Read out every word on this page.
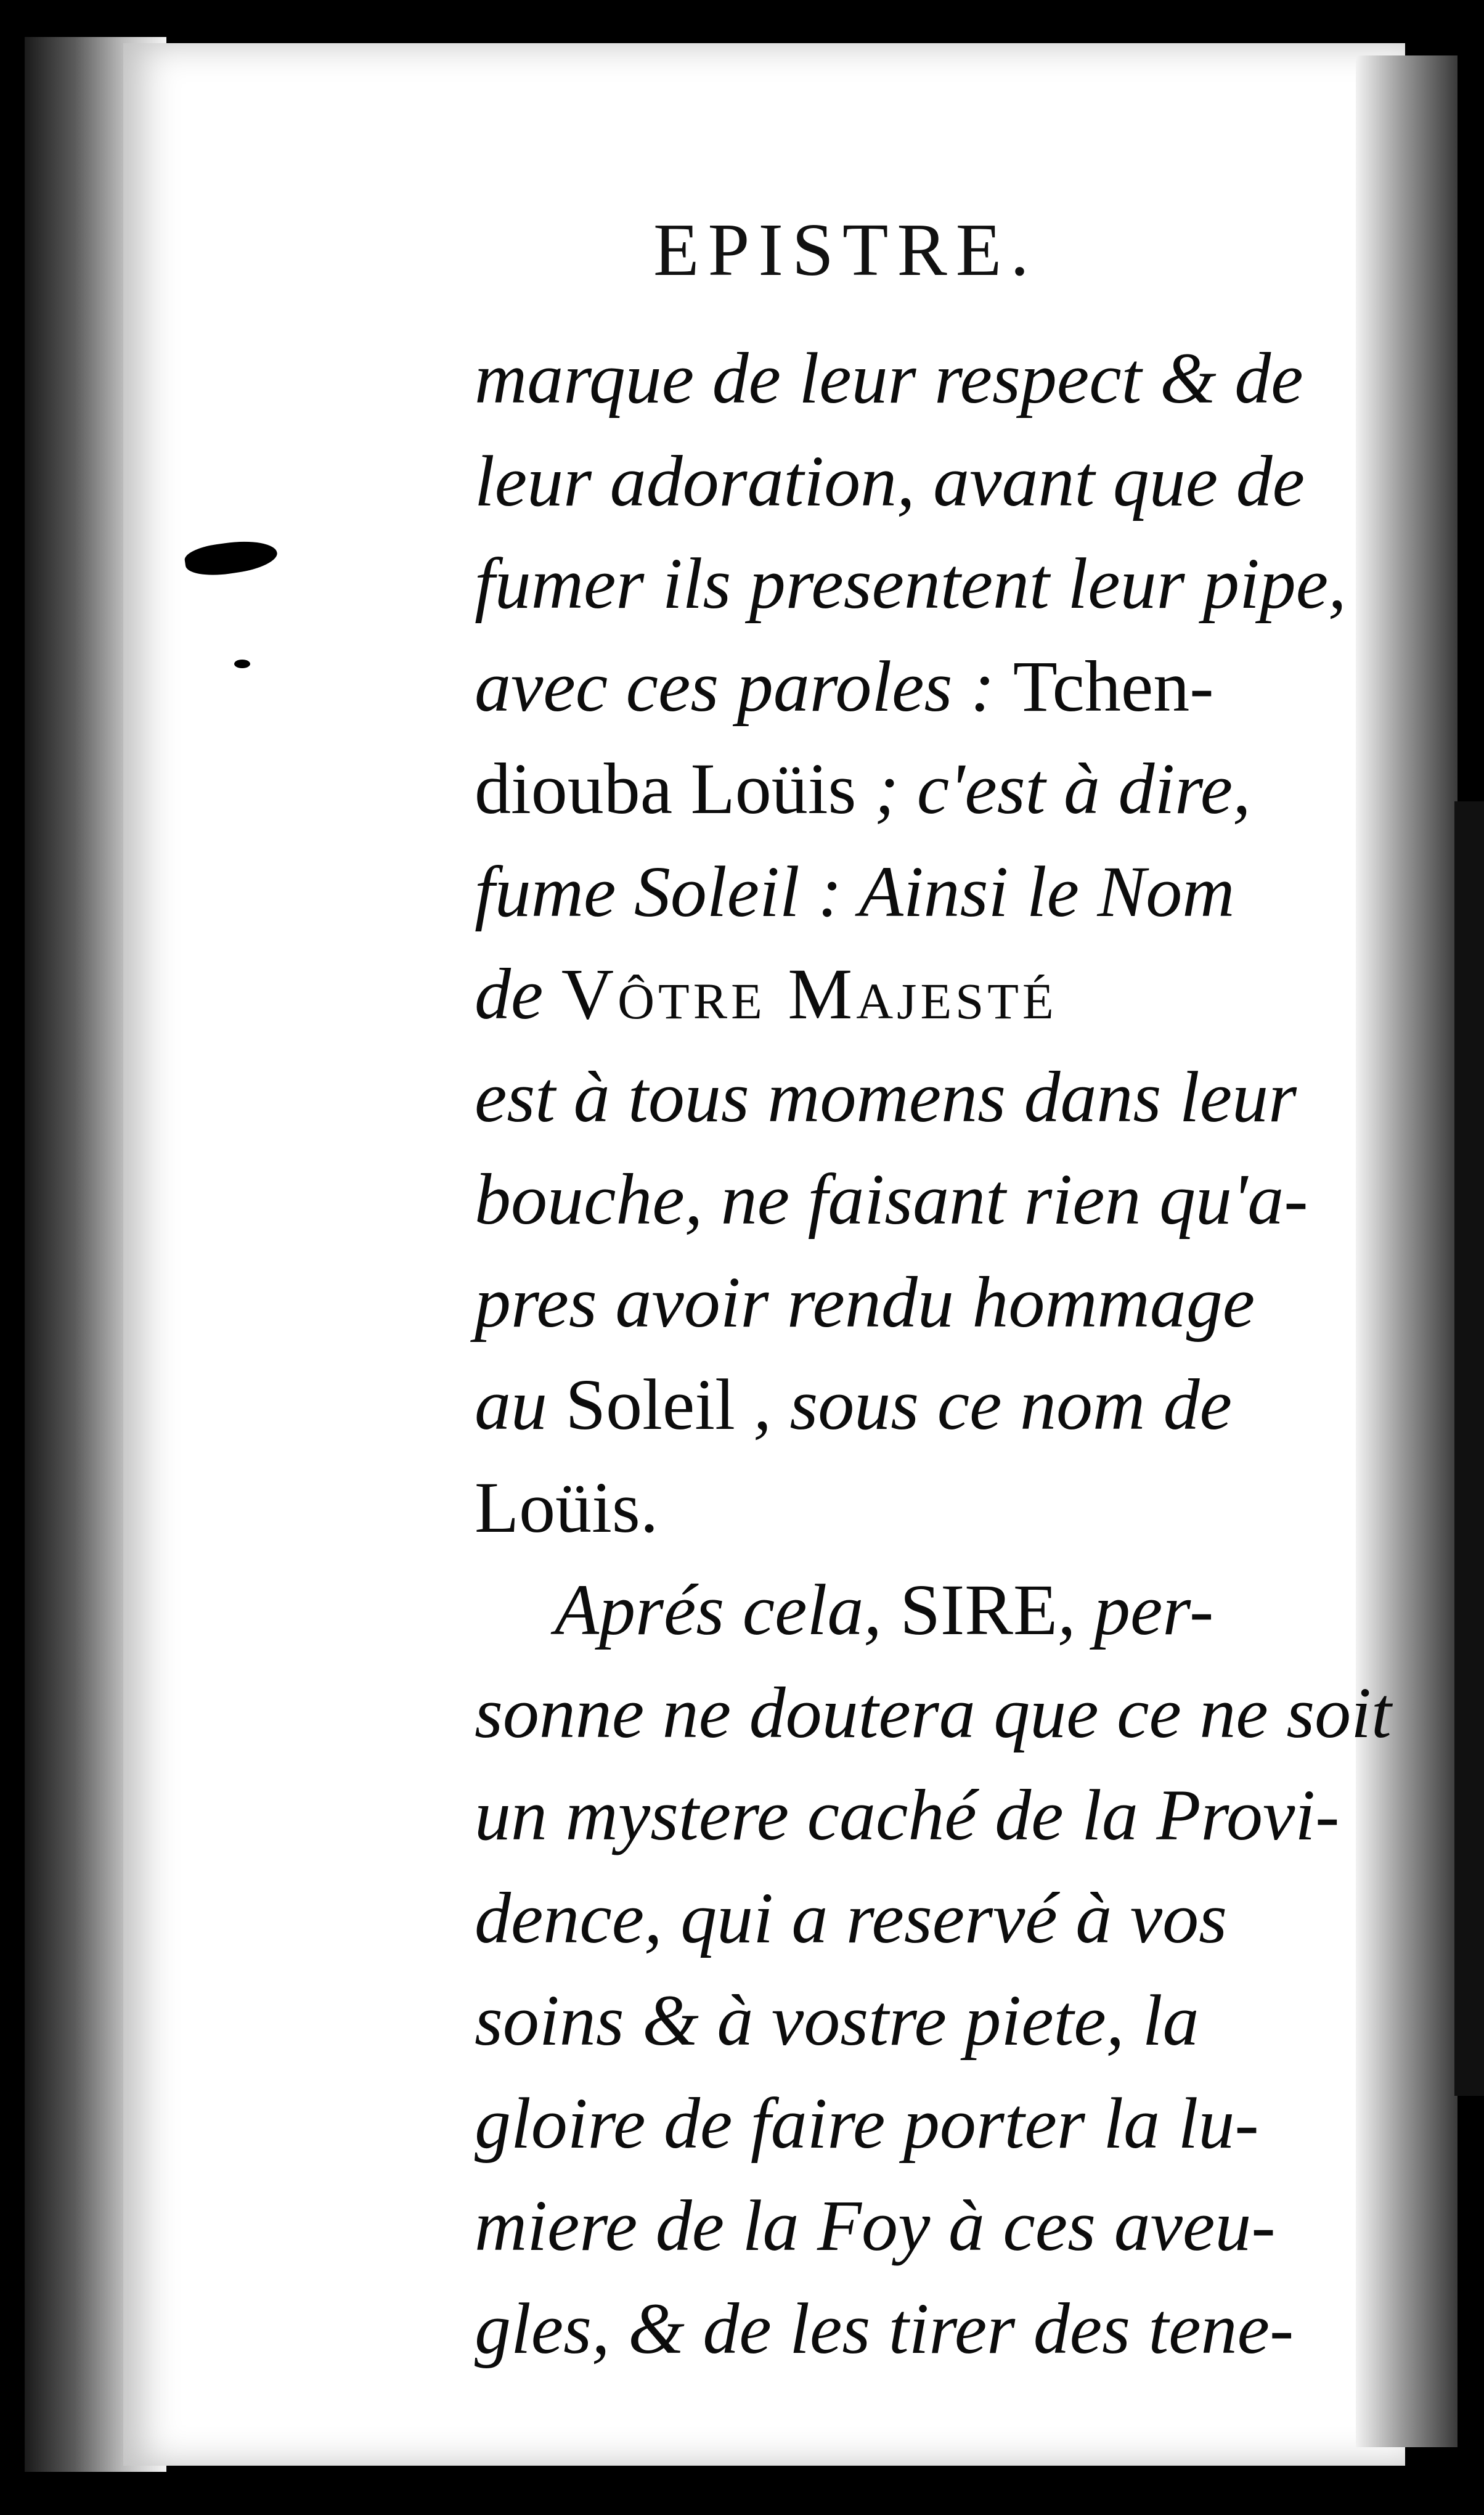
EPISTRE.
marque de leur respect & de
leur adoration, avant que de
fumer ils presentent leur pipe,
avec ces paroles : Tchen-
diouba Loüis ; c'est à dire,
fume Soleil : Ainsi le Nom
de Vôtre Majesté
est à tous momens dans leur
bouche, ne faisant rien qu'a-
pres avoir rendu hommage
au Soleil , sous ce nom de
Loüis.
Aprés cela, SIRE, per-
sonne ne doutera que ce ne soit
un mystere caché de la Provi-
dence, qui a reservé à vos
soins & à vostre piete, la
gloire de faire porter la lu-
miere de la Foy à ces aveu-
gles, & de les tirer des tene-
